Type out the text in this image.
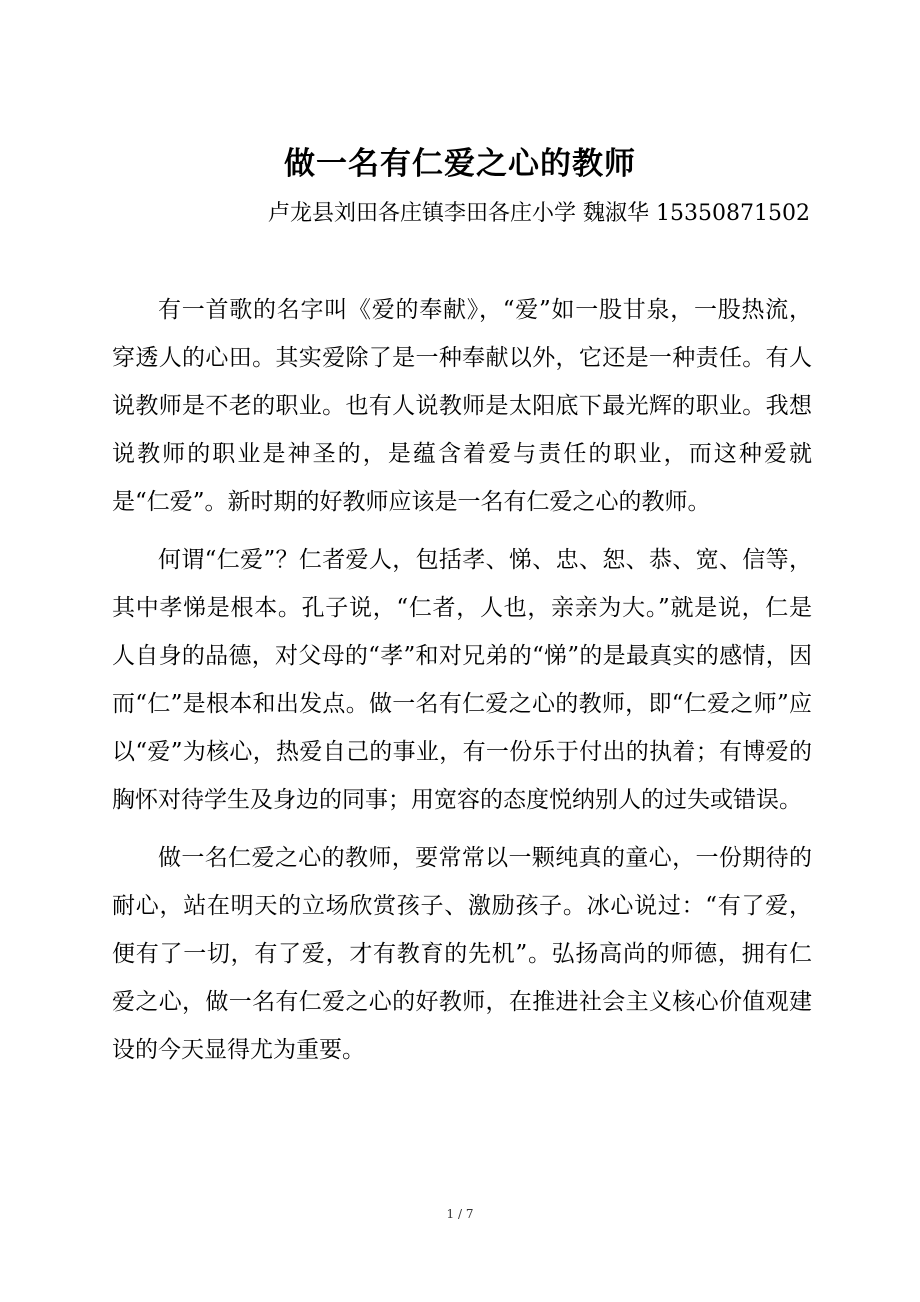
做一名有仁爱之心的教师

卢龙县刘田各庄镇李田各庄小学 魏淑华 15350871502

有一首歌的名字叫《爱的奉献》，“爱”如一股甘泉，一股热流，穿透人的心田。其实爱除了是一种奉献以外，它还是一种责任。有人说教师是不老的职业。也有人说教师是太阳底下最光辉的职业。我想说教师的职业是神圣的，是蕴含着爱与责任的职业，而这种爱就是“仁爱”。新时期的好教师应该是一名有仁爱之心的教师。

何谓“仁爱”？仁者爱人，包括孝、悌、忠、恕、恭、宽、信等，其中孝悌是根本。孔子说，“仁者，人也，亲亲为大。”就是说，仁是人自身的品德，对父母的“孝”和对兄弟的“悌”的是最真实的感情，因而“仁”是根本和出发点。做一名有仁爱之心的教师，即“仁爱之师”应以“爱”为核心，热爱自己的事业，有一份乐于付出的执着；有博爱的胸怀对待学生及身边的同事；用宽容的态度悦纳别人的过失或错误。

做一名仁爱之心的教师，要常常以一颗纯真的童心，一份期待的耐心，站在明天的立场欣赏孩子、激励孩子。冰心说过：“有了爱，便有了一切，有了爱，才有教育的先机”。弘扬高尚的师德，拥有仁爱之心，做一名有仁爱之心的好教师，在推进社会主义核心价值观建设的今天显得尤为重要。

1 / 7
